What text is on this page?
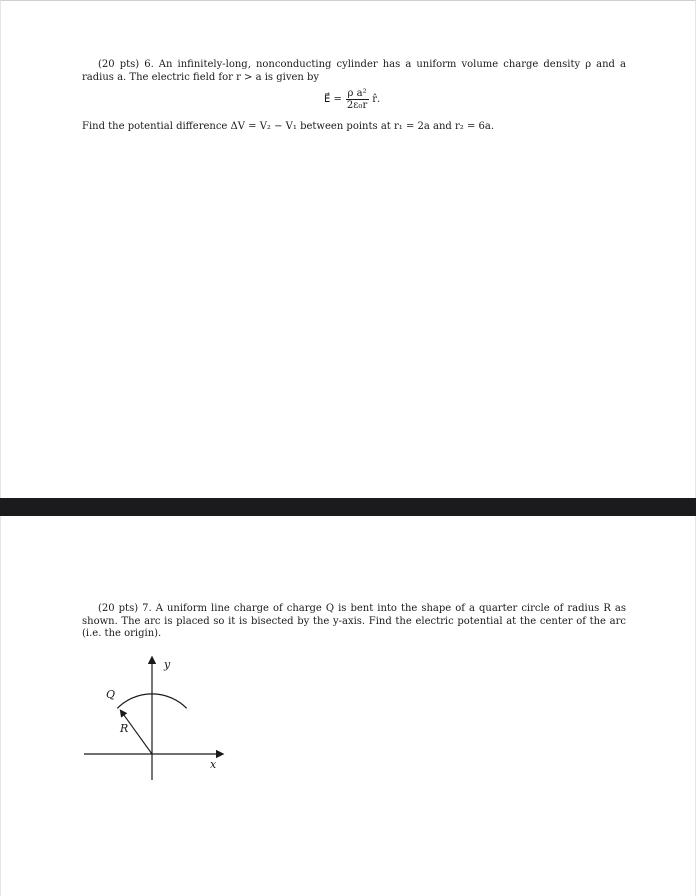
(20 pts) 6. An infinitely-long, nonconducting cylinder has a uniform volume charge density ρ and a radius a. The electric field for r > a is given by
E⃗ = $\frac{\text{ρ a²}}{\text{2ε₀r}}$ r̂.
Find the potential difference ΔV = V₂ − V₁ between points at r₁ = 2a and r₂ = 6a.
(20 pts) 7. A uniform line charge of charge Q is bent into the shape of a quarter circle of radius R as shown. The arc is placed so it is bisected by the y-axis. Find the electric potential at the center of the arc (i.e. the origin).
y
x
Q
R
